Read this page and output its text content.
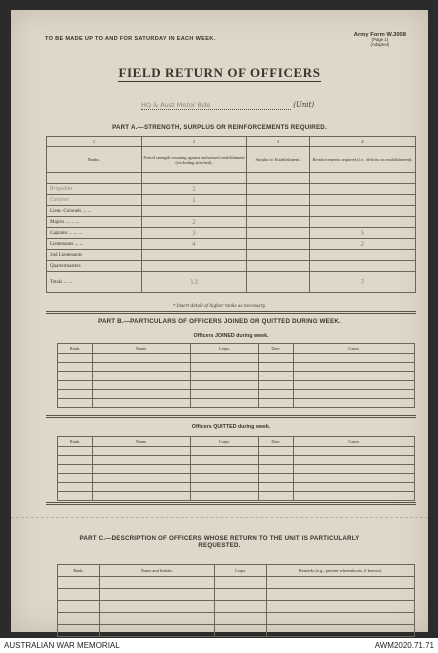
TO BE MADE UP TO AND FOR SATURDAY IN EACH WEEK.
Army Form W.3008
(Page 1)
(Adapted)
FIELD RETURN OF OFFICERS
HQ & Aust Motor Bde	(Unit)
PART A.—STRENGTH, SURPLUS OR REINFORCEMENTS REQUIRED.
1	2	3	4
Ranks.	Period strength counting against authorised establishment (excluding attached).	Surplus to Establishment.	Reinforcements required (i.e., deficits on establishment).

Brigadier	1		
Colonel	1		
Lieut.-Colonels ... ...			
Majors ... ... ...	2		
Captains ... ... ...	3		5
Lieutenants ... ...	4		2
2nd Lieutenants			
Quartermasters			
Totals ... ...	13		7
* Insert detail of higher ranks as necessary.
PART B.—PARTICULARS OF OFFICERS JOINED OR QUITTED DURING WEEK.
Officers JOINED during week.
Rank.	Name.	Corps.	Date.	Cause.

Officers QUITTED during week.
Rank.	Name.	Corps.	Date.	Cause.

PART C.—DESCRIPTION OF OFFICERS WHOSE RETURN TO THE UNIT IS PARTICULARLY
REQUESTED.
Rank.	Name and Initials.	Corps.	Remarks (e.g., present whereabouts, if known).

AUSTRALIAN WAR MEMORIAL	AWM2020.71.71
